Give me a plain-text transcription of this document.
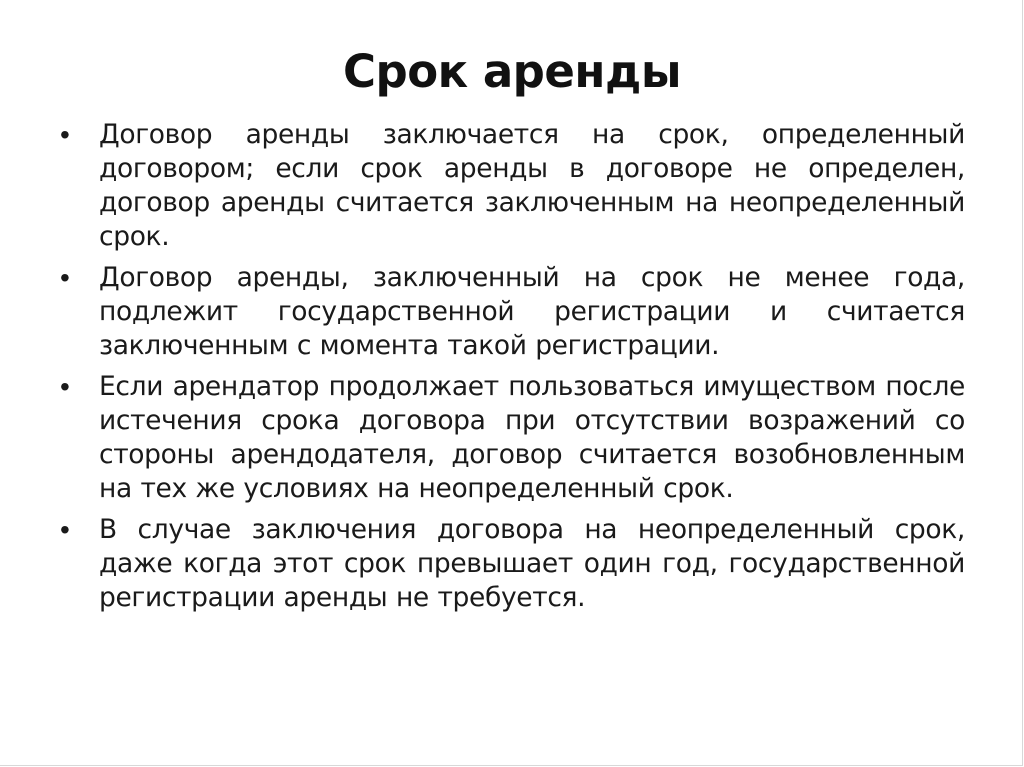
Срок аренды
• Договор аренды заключается на срок, определенный договором; если срок аренды в договоре не определен, договор аренды считается заключенным на неопределенный срок.
• Договор аренды, заключенный на срок не менее года, подлежит государственной регистрации и считается заключенным с момента такой регистрации.
• Если арендатор продолжает пользоваться имуществом после истечения срока договора при отсутствии возражений со стороны арендодателя, договор считается возобновленным на тех же условиях на неопределенный срок.
• В случае заключения договора на неопределенный срок, даже когда этот срок превышает один год, государственной регистрации аренды не требуется.
